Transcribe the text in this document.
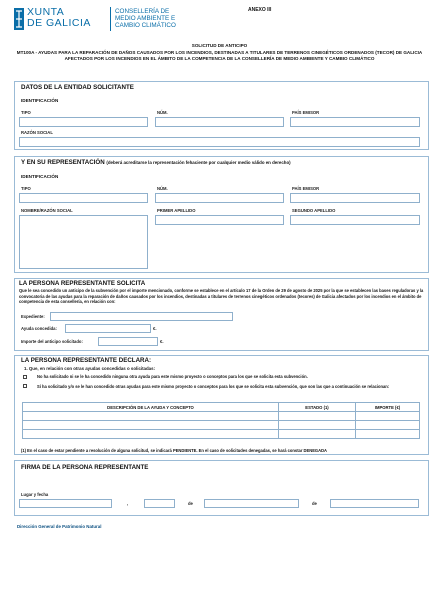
XUNTA
DE GALICIA
CONSELLERÍA DE
MEDIO AMBIENTE E
CAMBIO CLIMÁTICO
ANEXO III
SOLICITUD DE ANTICIPO
MT100A - AYUDAS PARA LA REPARACIÓN DE DAÑOS CAUSADOS POR LOS INCENDIOS, DESTINADAS A TITULARES DE TERRENOS CINEGÉTICOS ORDENADOS (TECOR) DE GALICIA AFECTADOS POR LOS INCENDIOS EN EL ÁMBITO DE LA COMPETENCIA DE LA CONSELLERÍA DE MEDIO AMBIENTE Y CAMBIO CLIMÁTICO
DATOS DE LA ENTIDAD SOLICITANTE
IDENTIFICACIÓN
TIPO	NÚM.	PAÍS EMISOR
RAZÓN SOCIAL
Y EN SU REPRESENTACIÓN (deberá acreditarse la representación fehaciente por cualquier medio válido en derecho)
IDENTIFICACIÓN
TIPO	NÚM.	PAÍS EMISOR
NOMBRE/RAZÓN SOCIAL	PRIMER APELLIDO	SEGUNDO APELLIDO
LA PERSONA REPRESENTANTE SOLICITA
Que le sea concedido un anticipo de la subvención por el importe mencionado, conforme se establece en el artículo 17 de la Orden de 29 de agosto de 2025 por la que se establecen las bases reguladoras y la convocatoria de las ayudas para la reparación de daños causados por los incendios, destinadas a titulares de terrenos cinegéticos ordenados (tecores) de Galicia afectados por los incendios en el ámbito de competencia de esta consellería, en relación con:
Expediente:
Ayuda concedida:	€.
Importe del anticipo solicitado:	€.
LA PERSONA REPRESENTANTE DECLARA:
1. Que, en relación con otras ayudas concedidas o solicitadas:
No ha solicitado ni se le ha concedido ninguna otra ayuda para este mismo proyecto o conceptos para los que se solicita esta subvención.
Sí ha solicitado y/o se le han concedido otras ayudas para este mismo proyecto o conceptos para los que se solicita esta subvención, que son las que a continuación se relacionan:
DESCRIPCIÓN DE LA AYUDA Y CONCEPTO	ESTADO (1)	IMPORTE (€)

(1) En el caso de estar pendiente a resolución de alguna solicitud, se indicará PENDIENTE. En el caso de solicitudes denegadas, se hará constar DENEGADA
FIRMA DE LA PERSONA REPRESENTANTE
Lugar y fecha
,	de	de
Dirección General de Patrimonio Natural
